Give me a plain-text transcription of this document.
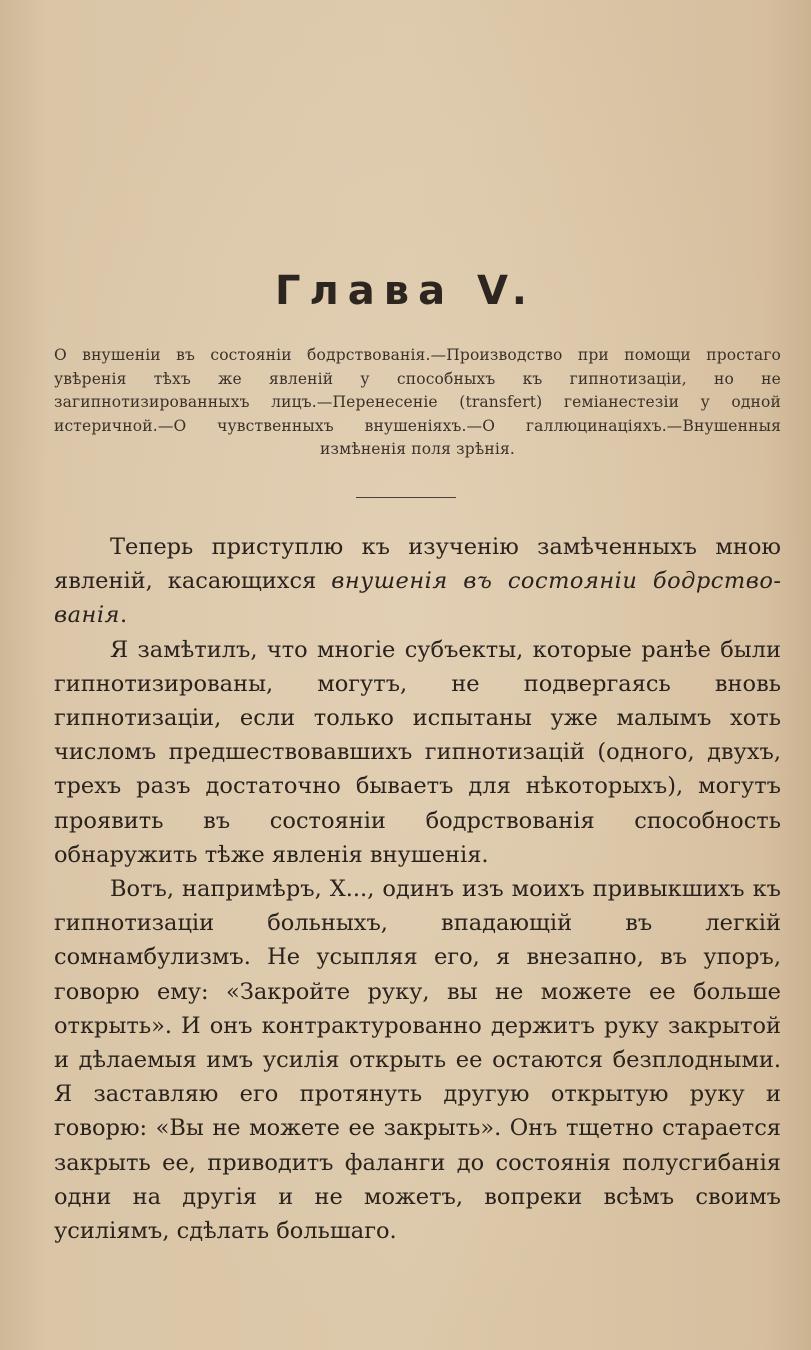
Глава V.
О внушеніи въ состояніи бодрствованія.—Производство при помощи простаго увѣренія тѣхъ же явленій у способныхъ къ гипнотизаціи, но не загипнотизированныхъ лицъ.—Перенесеніе (transfert) геміанестезіи у одной истеричной.—О чувствeнныхъ внушеніяхъ.—О галлюцинаціяхъ.—Внушенныя измѣненія поля зрѣнія.

Теперь приступлю къ изученію замѣченныхъ мною явленій, касающихся внушенія въ состояніи бодрствованія.

Я замѣтилъ, что многіе субъекты, которые ранѣе были гипнотизированы, могутъ, не подвергаясь вновь гипнотизаціи, если только испытаны уже малымъ хоть числомъ предшествовавшихъ гипнотизацій (одного, двухъ, трехъ разъ достаточно бываетъ для нѣкоторыхъ), могутъ проявить въ состояніи бодрствованія способность обнаружить тѣже явленія внушенія.

Вотъ, напримѣръ, Х..., одинъ изъ моихъ привыкшихъ къ гипнотизаціи больныхъ, впадающій въ легкій сомнамбулизмъ. Не усыпляя его, я внезапно, въ упоръ, говорю ему: «Закройте руку, вы не можете ее больше открыть». И онъ контрактурованно держитъ руку закрытой и дѣлаемыя имъ усилія открыть ее остаются безплодными. Я заставляю его протянуть другую открытую руку и говорю: «Вы не можете ее закрыть». Онъ тщетно старается закрыть ее, приводитъ фаланги до состоянія полусгибанія одни на другія и не можетъ, вопреки всѣмъ своимъ усиліямъ, сдѣлать большаго.
